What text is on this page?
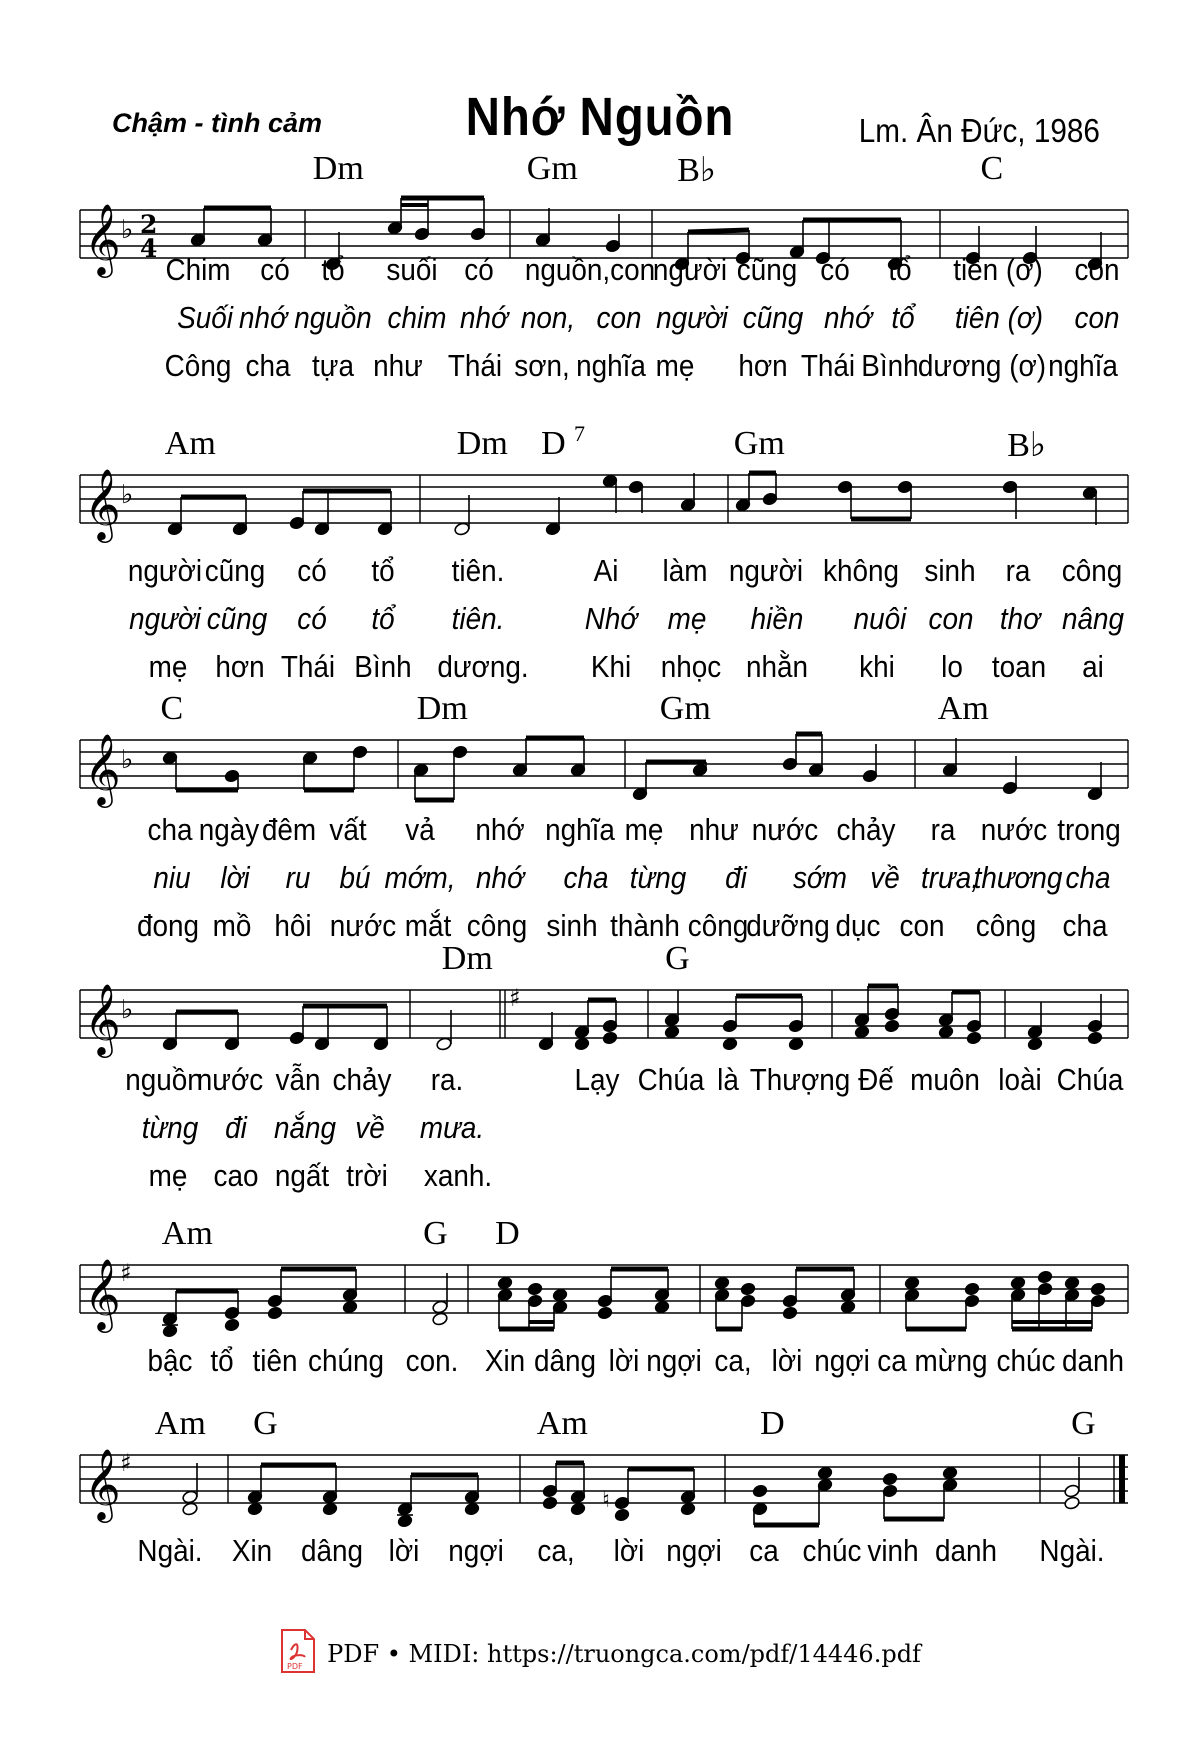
Chậm - tình cảm	Nhớ Nguồn	Lm. Ân Đức, 1986
Dm	Gm	B♭	C
𝄞 ♭ 2
4
Chim có tổ suối có nguồn,con
người cũng có tổ tiên (ơ) con
Suối nhớ nguồn chim nhớ non, con người cũng nhớ tổ tiên (ơ) con
Công cha tựa như Thái sơn, nghĩa mẹ hơn Thái Bình dương (ơ) nghĩa
Am	Dm D 7	Gm	B♭
𝄞 ♭
người cũng có tổ tiên.	Ai làm người không sinh ra công
người cũng có tổ tiên.	Nhớ mẹ hiền nuôi con thơ nâng
mẹ hơn Thái Bình dương. Khi nhọc nhằn khi lo toan ai
C	Dm	Gm	Am
𝄞 ♭
cha ngày đêm vất vả nhớ nghĩa mẹ như nước chảy ra nước trong
niu lời ru bú mớm, nhớ cha từng đi sớm về trưa,
thương cha
đong mồ hôi nước mắt công sinh thành công
dưỡng dục con công cha
Dm	G
𝄞 ♭	♯
nguồn
nước vẫn chảy ra.	Lạy Chúa là Thượng Đế muôn loài Chúa
từng đi nắng về mưa.
mẹ cao ngất trời xanh.
Am	G D
𝄞 ♯
bậc tổ tiên chúng con. Xin dâng lời ngợi ca, lời ngợi ca mừng chúc danh
Am G	Am	D	G
𝄞 ♯
♮
Ngài. Xin dâng lời ngợi ca, lời ngợi ca chúc vinh danh Ngài.
PDF PDF • MIDI: https://truongca.com/pdf/14446.pdf
